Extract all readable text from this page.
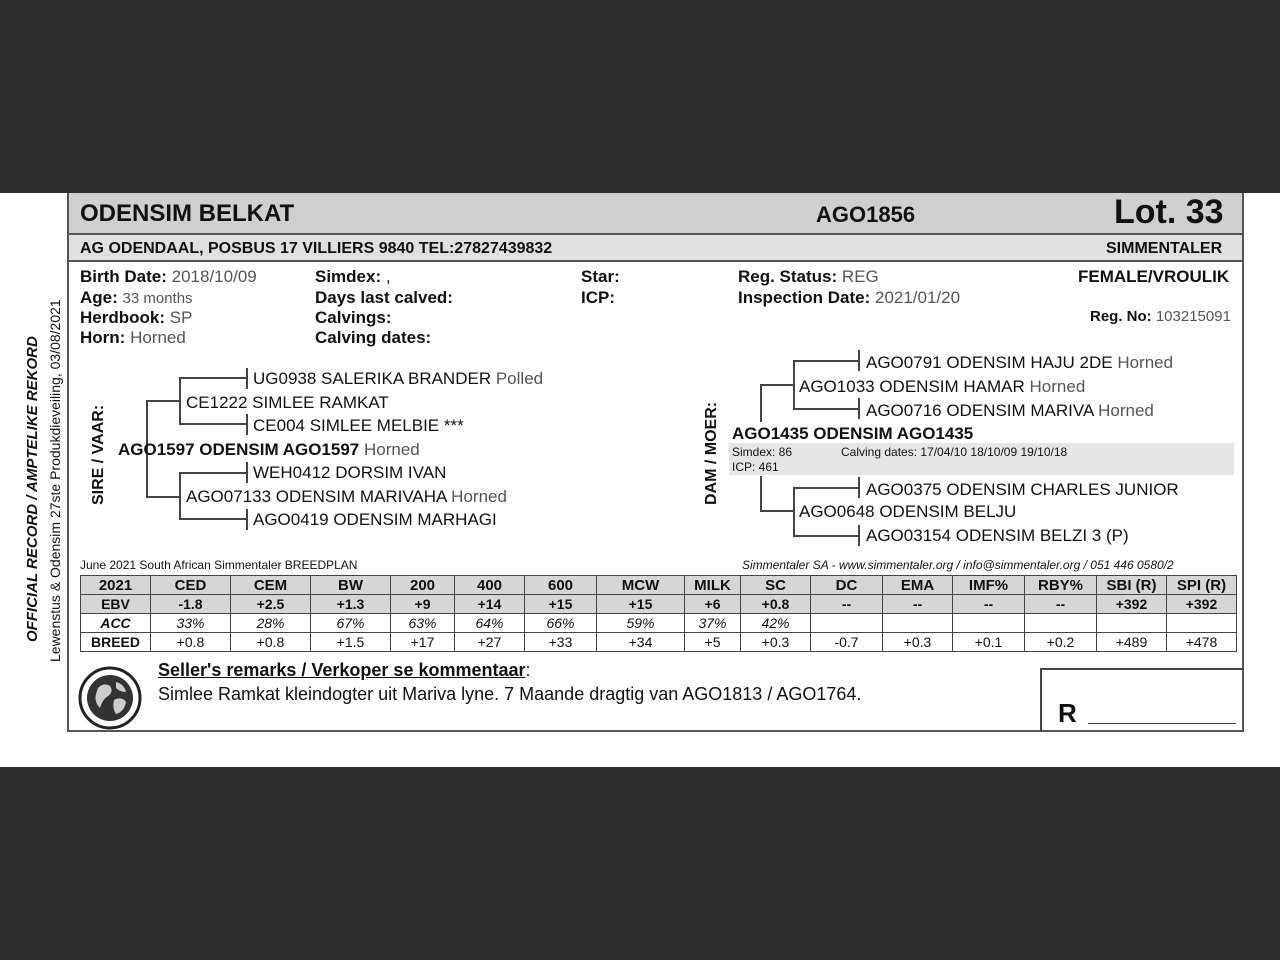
ODENSIM BELKAT	AGO1856	Lot. 33
AG ODENDAAL, POSBUS 17 VILLIERS 9840 TEL:27827439832	SIMMENTALER
OFFICIAL RECORD / AMPTELIKE REKORD Lewenstus & Odensim 27ste Produkdieveiling, 03/08/2021
Birth Date: 2018/10/09
Age: 33 months
Herdbook: SP
Horn: Horned
Simdex: ,
Days last calved:
Calvings:
Calving dates:
Star:
ICP:
Reg. Status: REG
Inspection Date: 2021/01/20
FEMALE/VROULIK
Reg. No: 103215091
SIRE / VAAR:
UG0938 SALERIKA BRANDER Polled
CE1222 SIMLEE RAMKAT
CE004 SIMLEE MELBIE ***
AGO1597 ODENSIM AGO1597 Horned
WEH0412 DORSIM IVAN
AGO07133 ODENSIM MARIVAHA Horned
AGO0419 ODENSIM MARHAGI
DAM / MOER:
AGO0791 ODENSIM HAJU 2DE Horned
AGO1033 ODENSIM HAMAR Horned
AGO0716 ODENSIM MARIVA Horned
AGO1435 ODENSIM AGO1435
Simdex: 86	Calving dates: 17/04/10 18/10/09 19/10/18
ICP: 461
AGO0375 ODENSIM CHARLES JUNIOR
AGO0648 ODENSIM BELJU
AGO03154 ODENSIM BELZI 3 (P)
June 2021 South African Simmentaler BREEDPLAN	Simmentaler SA - www.simmentaler.org / info@simmentaler.org / 051 446 0580/2
2021	CED	CEM	BW	200	400	600	MCW	MILK	SC	DC	EMA	IMF%	RBY%	SBI (R)	SPI (R)
EBV	-1.8	+2.5	+1.3	+9	+14	+15	+15	+6	+0.8	--	--	--	--	+392	+392
ACC	33%	28%	67%	63%	64%	66%	59%	37%	42%						
BREED	+0.8	+0.8	+1.5	+17	+27	+33	+34	+5	+0.3	-0.7	+0.3	+0.1	+0.2	+489	+478
Seller's remarks / Verkoper se kommentaar:
Simlee Ramkat kleindogter uit Mariva lyne. 7 Maande dragtig van AGO1813 / AGO1764.
R
